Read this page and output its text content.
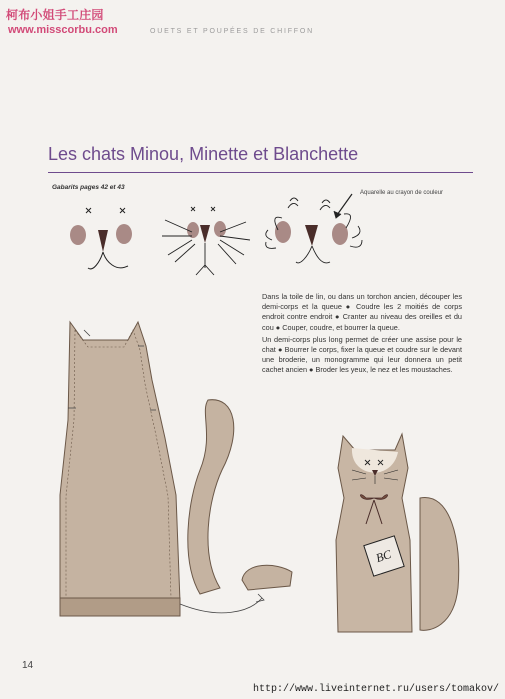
柯布小姐手工庄园
www.misscorbu.com	OUETS ET POUPÉES DE CHIFFON
Les chats Minou, Minette et Blanchette
Gabarits pages 42 et 43
Aquarelle au crayon de couleur
BC

Dans la toile de lin, ou dans un torchon ancien, découper les demi-corps et la queue ● Coudre les 2 moitiés de corps endroit contre endroit ● Cranter au niveau des oreilles et du cou ● Couper, coudre, et bourrer la queue.

Un demi-corps plus long permet de créer une assise pour le chat ● Bourrer le corps, fixer la queue et coudre sur le devant une broderie, un monogramme qui leur donnera un petit cachet ancien ● Broder les yeux, le nez et les moustaches.

14
http://www.liveinternet.ru/users/tomakov/
